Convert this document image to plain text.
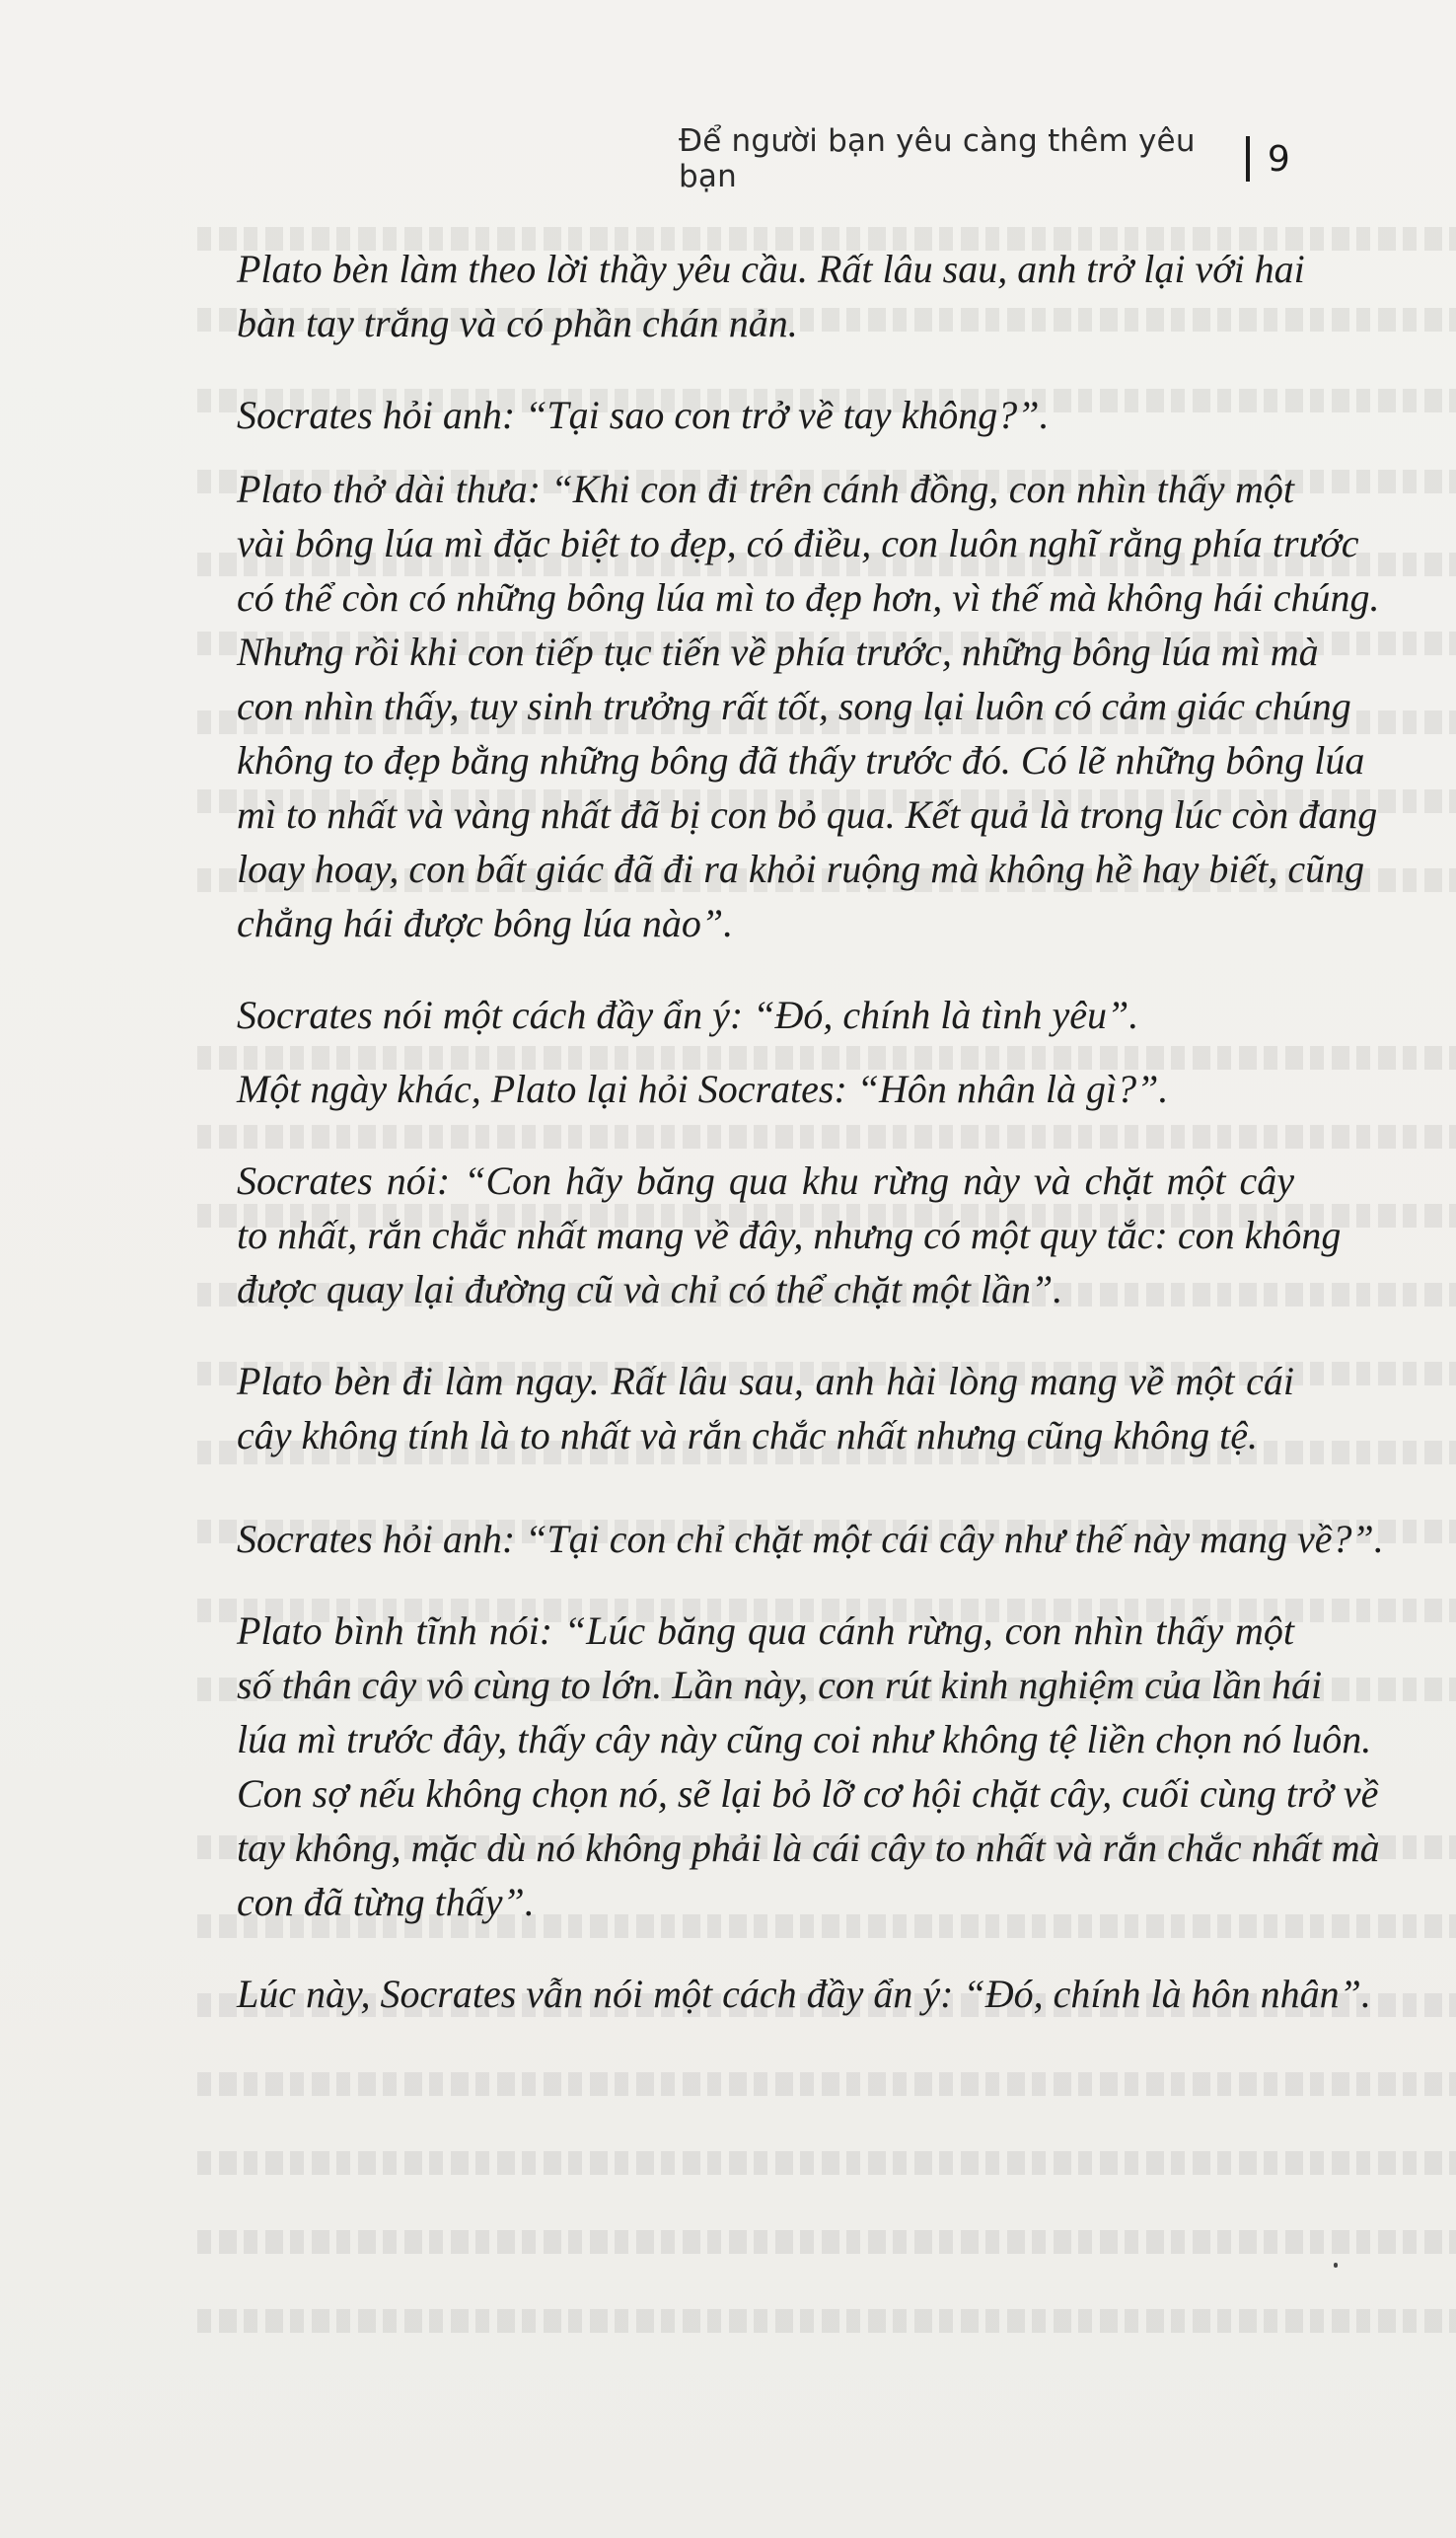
Để người bạn yêu càng thêm yêu bạn	9

Plato bèn làm theo lời thầy yêu cầu. Rất lâu sau, anh trở lại với hai
bàn tay trắng và có phần chán nản.

Socrates hỏi anh: “Tại sao con trở về tay không?”.

Plato thở dài thưa: “Khi con đi trên cánh đồng, con nhìn thấy một
vài bông lúa mì đặc biệt to đẹp, có điều, con luôn nghĩ rằng phía trước
có thể còn có những bông lúa mì to đẹp hơn, vì thế mà không hái chúng.
Nhưng rồi khi con tiếp tục tiến về phía trước, những bông lúa mì mà
con nhìn thấy, tuy sinh trưởng rất tốt, song lại luôn có cảm giác chúng
không to đẹp bằng những bông đã thấy trước đó. Có lẽ những bông lúa
mì to nhất và vàng nhất đã bị con bỏ qua. Kết quả là trong lúc còn đang
loay hoay, con bất giác đã đi ra khỏi ruộng mà không hề hay biết, cũng
chẳng hái được bông lúa nào”.

Socrates nói một cách đầy ẩn ý: “Đó, chính là tình yêu”.

Một ngày khác, Plato lại hỏi Socrates: “Hôn nhân là gì?”.

Socrates nói: “Con hãy băng qua khu rừng này và chặt một cây
to nhất, rắn chắc nhất mang về đây, nhưng có một quy tắc: con không
được quay lại đường cũ và chỉ có thể chặt một lần”.

Plato bèn đi làm ngay. Rất lâu sau, anh hài lòng mang về một cái
cây không tính là to nhất và rắn chắc nhất nhưng cũng không tệ.

Socrates hỏi anh: “Tại con chỉ chặt một cái cây như thế này mang về?”.

Plato bình tĩnh nói: “Lúc băng qua cánh rừng, con nhìn thấy một
số thân cây vô cùng to lớn. Lần này, con rút kinh nghiệm của lần hái
lúa mì trước đây, thấy cây này cũng coi như không tệ liền chọn nó luôn.
Con sợ nếu không chọn nó, sẽ lại bỏ lỡ cơ hội chặt cây, cuối cùng trở về
tay không, mặc dù nó không phải là cái cây to nhất và rắn chắc nhất mà
con đã từng thấy”.

Lúc này, Socrates vẫn nói một cách đầy ẩn ý: “Đó, chính là hôn nhân”.
